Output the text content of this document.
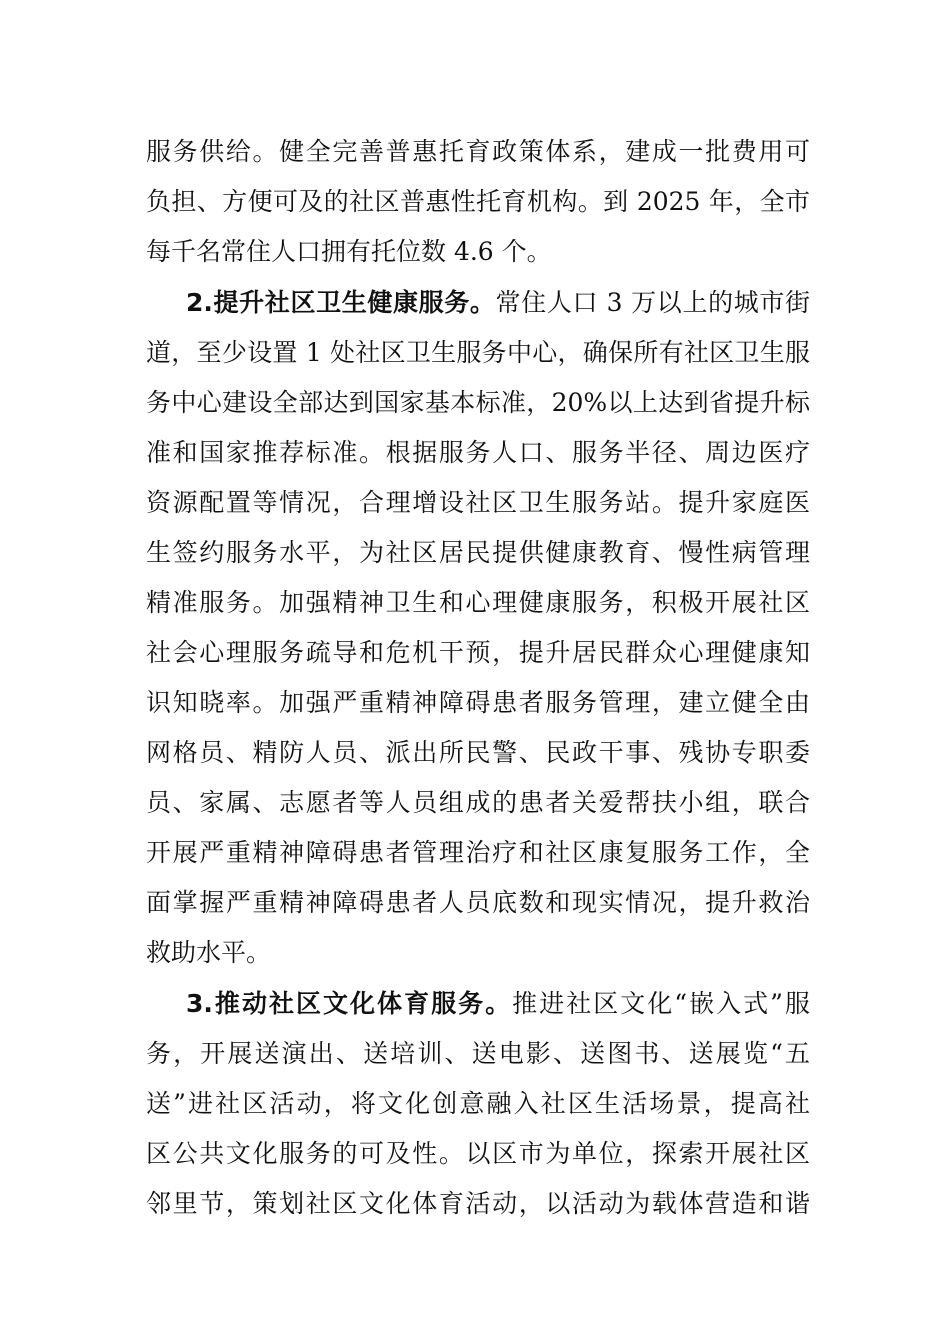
服务供给。健全完善普惠托育政策体系，建成一批费用可
负担、方便可及的社区普惠性托育机构。到 2025 年，全市
每千名常住人口拥有托位数 4.6 个。
2.提升社区卫生健康服务。常住人口 3 万以上的城市街
道，至少设置 1 处社区卫生服务中心，确保所有社区卫生服
务中心建设全部达到国家基本标准，20%以上达到省提升标
准和国家推荐标准。根据服务人口、服务半径、周边医疗
资源配置等情况，合理增设社区卫生服务站。提升家庭医
生签约服务水平，为社区居民提供健康教育、慢性病管理
精准服务。加强精神卫生和心理健康服务，积极开展社区
社会心理服务疏导和危机干预，提升居民群众心理健康知
识知晓率。加强严重精神障碍患者服务管理，建立健全由
网格员、精防人员、派出所民警、民政干事、残协专职委
员、家属、志愿者等人员组成的患者关爱帮扶小组，联合
开展严重精神障碍患者管理治疗和社区康复服务工作，全
面掌握严重精神障碍患者人员底数和现实情况，提升救治
救助水平。
3.推动社区文化体育服务。推进社区文化“嵌入式”服
务，开展送演出、送培训、送电影、送图书、送展览“五
送”进社区活动，将文化创意融入社区生活场景，提高社
区公共文化服务的可及性。以区市为单位，探索开展社区
邻里节，策划社区文化体育活动，以活动为载体营造和谐
